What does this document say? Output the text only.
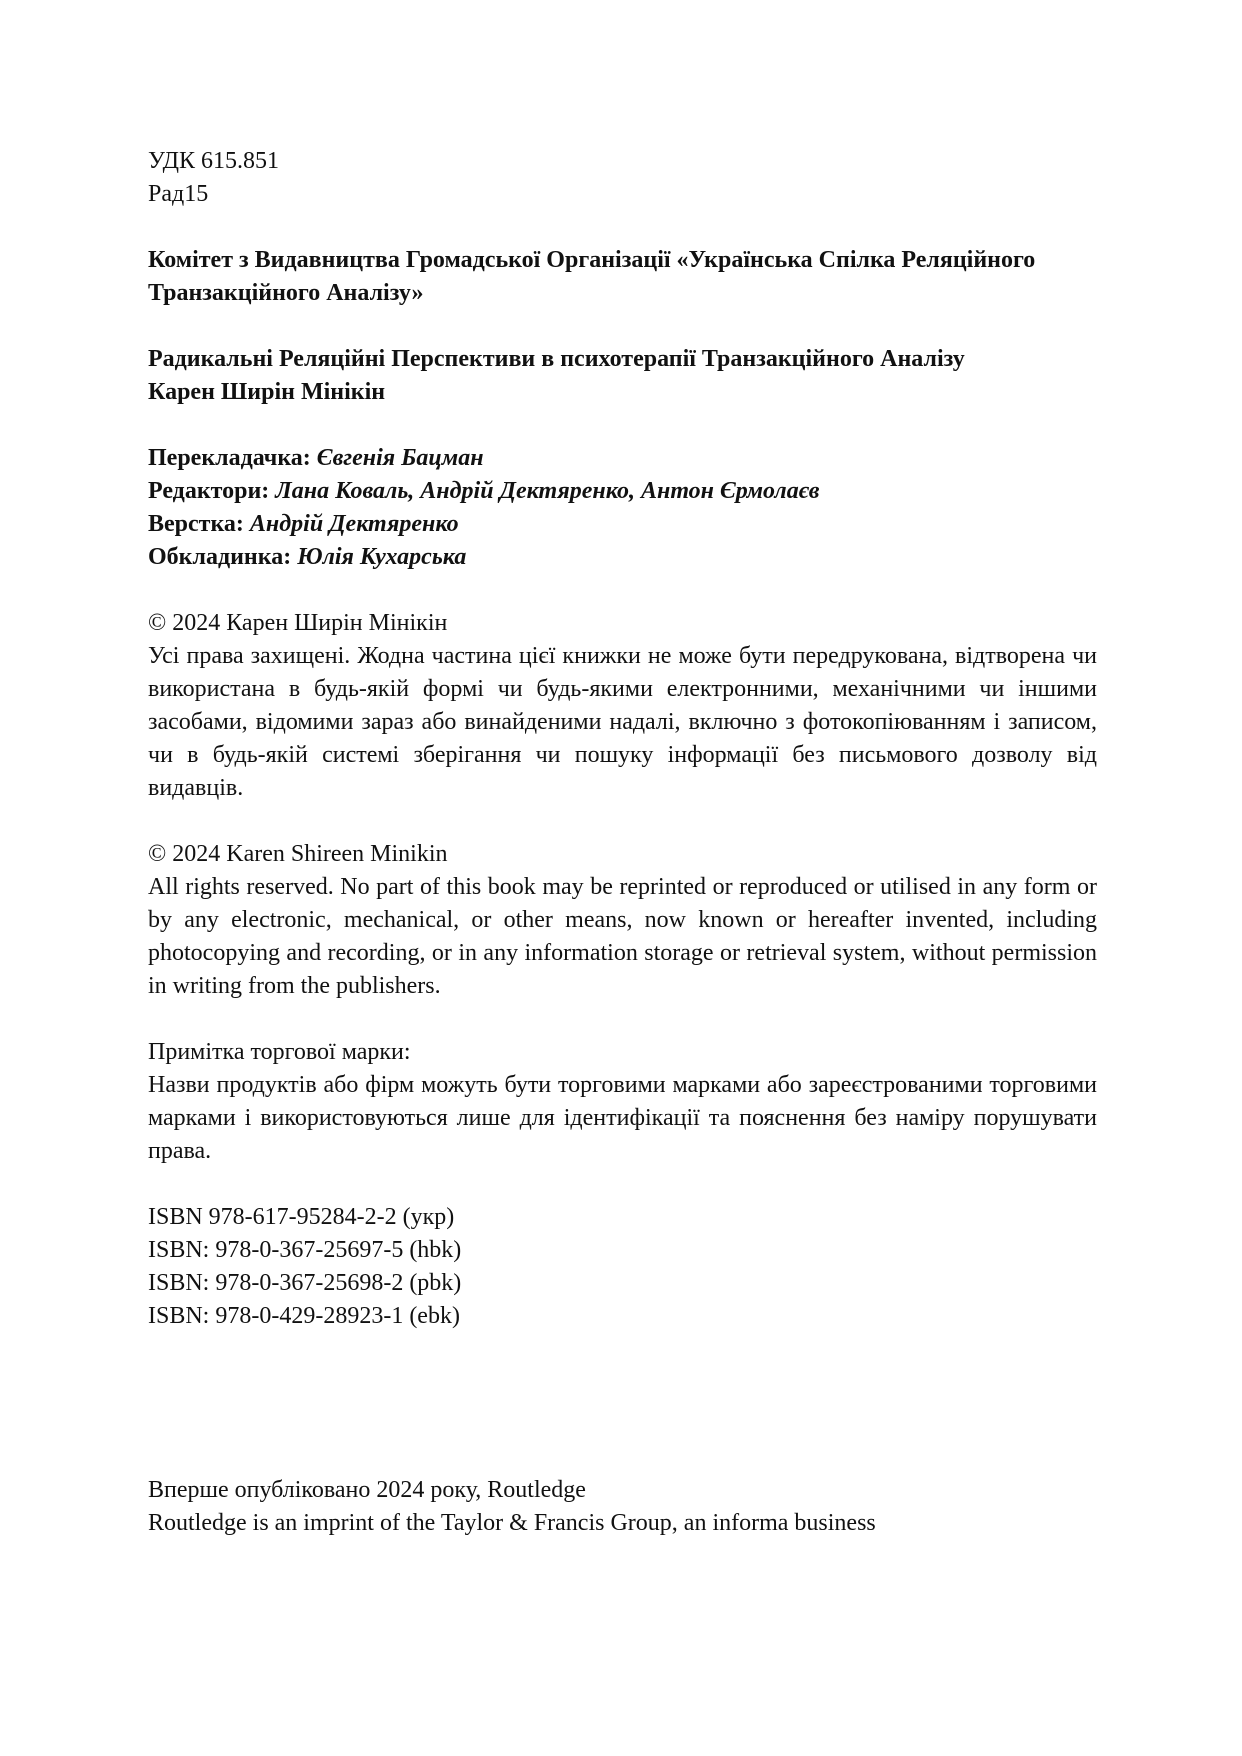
УДК 615.851
Рад15
Комітет з Видавництва Громадської Організації «Українська Спілка Реляційного
Транзакційного Аналізу»
Радикальні Реляційні Перспективи в психотерапії Транзакційного Аналізу
Карен Ширін Мінікін
Перекладачка: Євгенія Бацман
Редактори: Лана Коваль, Андрій Дектяренко, Антон Єрмолаєв
Верстка: Андрій Дектяренко
Обкладинка: Юлія Кухарська
© 2024 Карен Ширін Мінікін
Усі права захищені. Жодна частина цієї книжки не може бути передрукована, відтворена чи використана в будь-якій формі чи будь-якими електронними, механічними чи іншими засобами, відомими зараз або винайденими надалі, включно з фотокопіюванням і записом, чи в будь-якій системі зберігання чи пошуку інформації без письмового дозволу від видавців.
© 2024 Karen Shireen Minikin
All rights reserved. No part of this book may be reprinted or reproduced or utilised in any form or by any electronic, mechanical, or other means, now known or hereafter invented, including photocopying and recording, or in any information storage or retrieval system, without permission in writing from the publishers.
Примітка торгової марки:
Назви продуктів або фірм можуть бути торговими марками або зареєстрованими торговими марками і використовуються лише для ідентифікації та пояснення без наміру порушувати права.
ISBN 978-617-95284-2-2 (укр)
ISBN: 978-0-367-25697-5 (hbk)
ISBN: 978-0-367-25698-2 (pbk)
ISBN: 978-0-429-28923-1 (ebk)
Вперше опубліковано 2024 року, Routledge
Routledge is an imprint of the Taylor & Francis Group, an informa business
